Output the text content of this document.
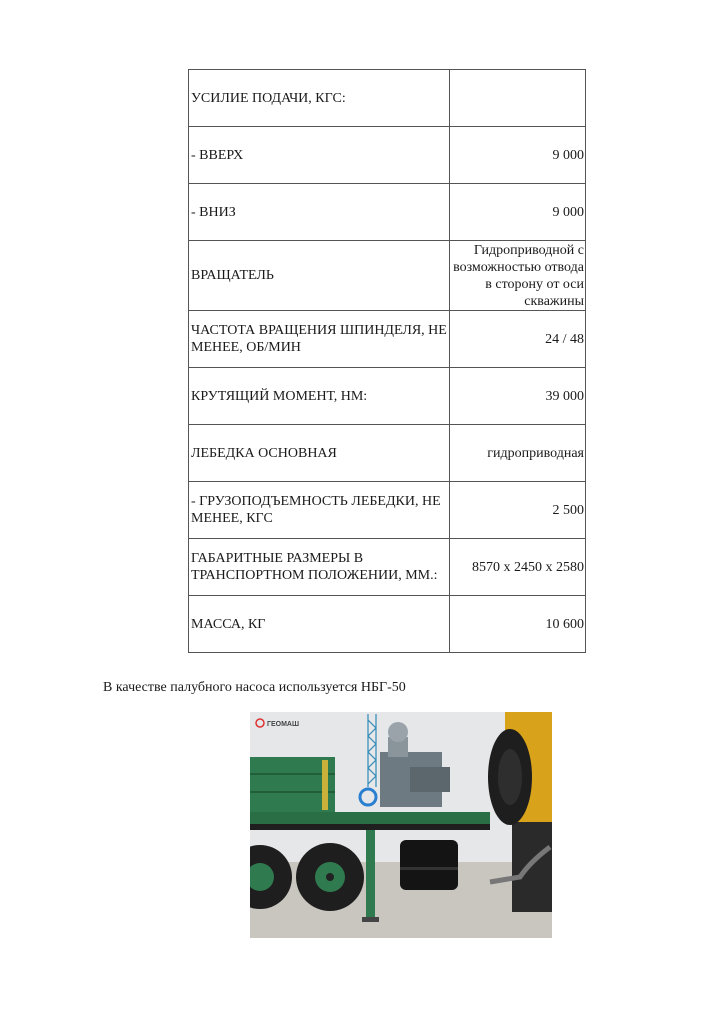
УСИЛИЕ ПОДАЧИ, КГС:	
- ВВЕРХ	9 000
- ВНИЗ	9 000
ВРАЩАТЕЛЬ	Гидроприводной с возможностью отвода в сторону от оси скважины
ЧАСТОТА ВРАЩЕНИЯ ШПИНДЕЛЯ, НЕ МЕНЕЕ, ОБ/МИН	24 / 48
КРУТЯЩИЙ МОМЕНТ, НМ:	39 000
ЛЕБЕДКА ОСНОВНАЯ	гидроприводная
- ГРУЗОПОДЪЕМНОСТЬ ЛЕБЕДКИ, НЕ МЕНЕЕ, КГС	2 500
ГАБАРИТНЫЕ РАЗМЕРЫ В ТРАНСПОРТНОМ ПОЛОЖЕНИИ, ММ.:	8570 x 2450 x 2580
МАССА, КГ	10 600
В качестве палубного насоса используется НБГ-50
ГЕОМАШ
